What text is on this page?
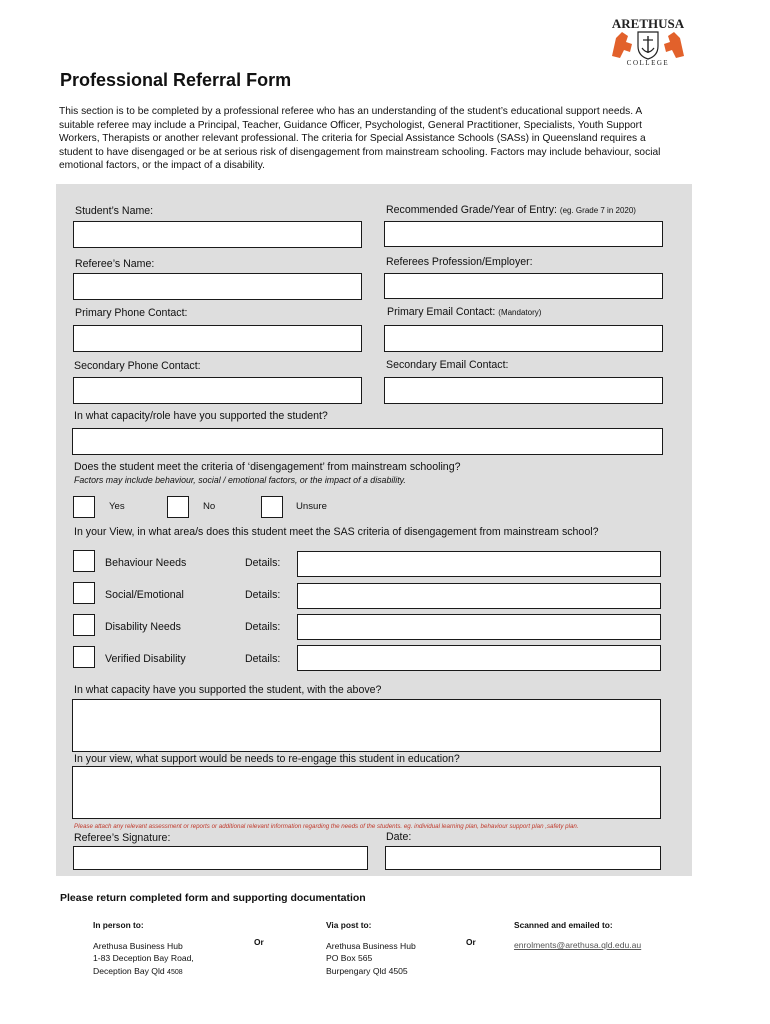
ARETHUSA
COLLEGE
Professional Referral Form
This section is to be completed by a professional referee who has an understanding of the student’s educational support needs. A suitable referee may include a Principal, Teacher, Guidance Officer, Psychologist, General Practitioner, Specialists, Youth Support Workers, Therapists or another relevant professional. The criteria for Special Assistance Schools (SASs) in Queensland requires a student to have disengaged or be at serious risk of disengagement from mainstream schooling. Factors may include behaviour, social emotional factors, or the impact of a disability.
Student’s Name:	Recommended Grade/Year of Entry: (eg. Grade 7 in 2020)
Referee’s Name:	Referees Profession/Employer:
Primary Phone Contact:	Primary Email Contact: (Mandatory)
Secondary Phone Contact:	Secondary Email Contact:
In what capacity/role have you supported the student?
Does the student meet the criteria of ‘disengagement’ from mainstream schooling?
Factors may include behaviour, social / emotional factors, or the impact of a disability.
Yes	No	Unsure
In your View, in what area/s does this student meet the SAS criteria of disengagement from mainstream school?
Behaviour Needs	Details:
Social/Emotional	Details:
Disability Needs	Details:
Verified Disability	Details:
In what capacity have you supported the student, with the above?
In your view, what support would be needs to re-engage this student in education?
Please attach any relevant assessment or reports or additional relevant information regarding the needs of the students. eg. individual learning plan, behaviour support plan ,safety plan.
Referee’s Signature:	Date:
Please return completed form and supporting documentation
In person to:
Arethusa Business Hub
1-83 Deception Bay Road,
Deception Bay Qld 4508
Or
Via post to:
Arethusa Business Hub
PO Box 565
Burpengary Qld 4505
Or
Scanned and emailed to:
enrolments@arethusa.qld.edu.au
